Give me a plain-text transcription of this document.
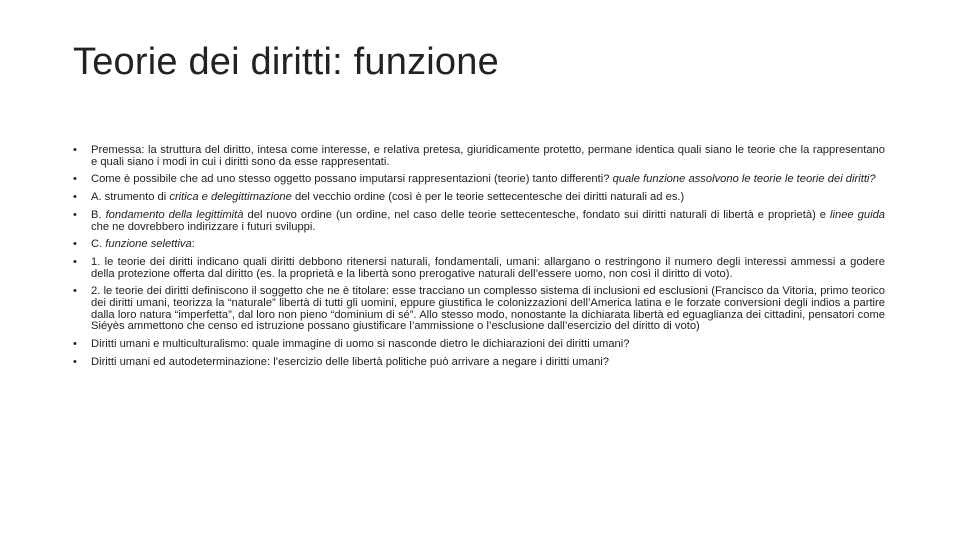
Teorie dei diritti: funzione
• Premessa: la struttura del diritto, intesa come interesse, e relativa pretesa, giuridicamente protetto, permane identica quali siano le teorie che la rappresentano e quali siano i modi in cui i diritti sono da esse rappresentati.
• Come è possibile che ad uno stesso oggetto possano imputarsi rappresentazioni (teorie) tanto differenti? quale funzione assolvono le teorie le teorie dei diritti?
• A. strumento di critica e delegittimazione del vecchio ordine (così è per le teorie settecentesche dei diritti naturali ad es.)
• B. fondamento della legittimità del nuovo ordine (un ordine, nel caso delle teorie settecentesche, fondato sui diritti naturali di libertà e proprietà) e linee guida che ne dovrebbero indirizzare i futuri sviluppi.
• C. funzione selettiva:
• 1. le teorie dei diritti indicano quali diritti debbono ritenersi naturali, fondamentali, umani: allargano o restringono il numero degli interessi ammessi a godere della protezione offerta dal diritto (es. la proprietà e la libertà sono prerogative naturali dell’essere uomo, non così il diritto di voto).
• 2. le teorie dei diritti definiscono il soggetto che ne è titolare: esse tracciano un complesso sistema di inclusioni ed esclusioni (Francisco da Vitoria, primo teorico dei diritti umani, teorizza la “naturale” libertà di tutti gli uomini, eppure giustifica le colonizzazioni dell’America latina e le forzate conversioni degli indios a partire dalla loro natura “imperfetta”, dal loro non pieno “dominium di sé”. Allo stesso modo, nonostante la dichiarata libertà ed eguaglianza dei cittadini, pensatori come Siéyès ammettono che censo ed istruzione possano giustificare l’ammissione o l’esclusione dall’esercizio del diritto di voto)
• Diritti umani e multiculturalismo: quale immagine di uomo si nasconde dietro le dichiarazioni dei diritti umani?
• Diritti umani ed autodeterminazione: l’esercizio delle libertà politiche può arrivare a negare i diritti umani?
